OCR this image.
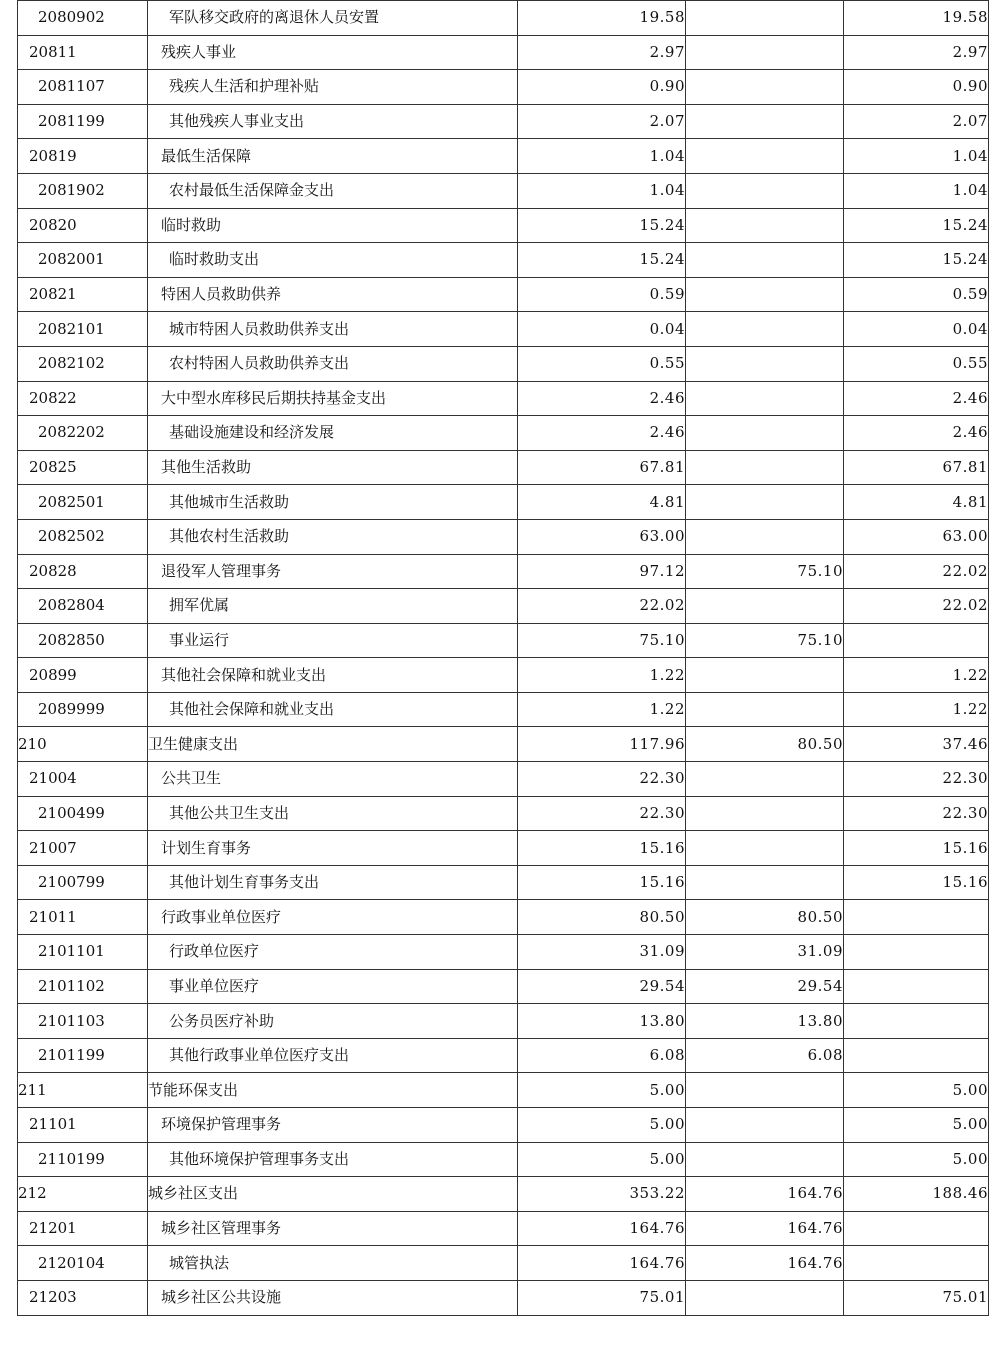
2080902	军队移交政府的离退休人员安置	19.58		19.58
20811	残疾人事业	2.97		2.97
2081107	残疾人生活和护理补贴	0.90		0.90
2081199	其他残疾人事业支出	2.07		2.07
20819	最低生活保障	1.04		1.04
2081902	农村最低生活保障金支出	1.04		1.04
20820	临时救助	15.24		15.24
2082001	临时救助支出	15.24		15.24
20821	特困人员救助供养	0.59		0.59
2082101	城市特困人员救助供养支出	0.04		0.04
2082102	农村特困人员救助供养支出	0.55		0.55
20822	大中型水库移民后期扶持基金支出	2.46		2.46
2082202	基础设施建设和经济发展	2.46		2.46
20825	其他生活救助	67.81		67.81
2082501	其他城市生活救助	4.81		4.81
2082502	其他农村生活救助	63.00		63.00
20828	退役军人管理事务	97.12	75.10	22.02
2082804	拥军优属	22.02		22.02
2082850	事业运行	75.10	75.10	
20899	其他社会保障和就业支出	1.22		1.22
2089999	其他社会保障和就业支出	1.22		1.22
210	卫生健康支出	117.96	80.50	37.46
21004	公共卫生	22.30		22.30
2100499	其他公共卫生支出	22.30		22.30
21007	计划生育事务	15.16		15.16
2100799	其他计划生育事务支出	15.16		15.16
21011	行政事业单位医疗	80.50	80.50	
2101101	行政单位医疗	31.09	31.09	
2101102	事业单位医疗	29.54	29.54	
2101103	公务员医疗补助	13.80	13.80	
2101199	其他行政事业单位医疗支出	6.08	6.08	
211	节能环保支出	5.00		5.00
21101	环境保护管理事务	5.00		5.00
2110199	其他环境保护管理事务支出	5.00		5.00
212	城乡社区支出	353.22	164.76	188.46
21201	城乡社区管理事务	164.76	164.76	
2120104	城管执法	164.76	164.76	
21203	城乡社区公共设施	75.01		75.01
